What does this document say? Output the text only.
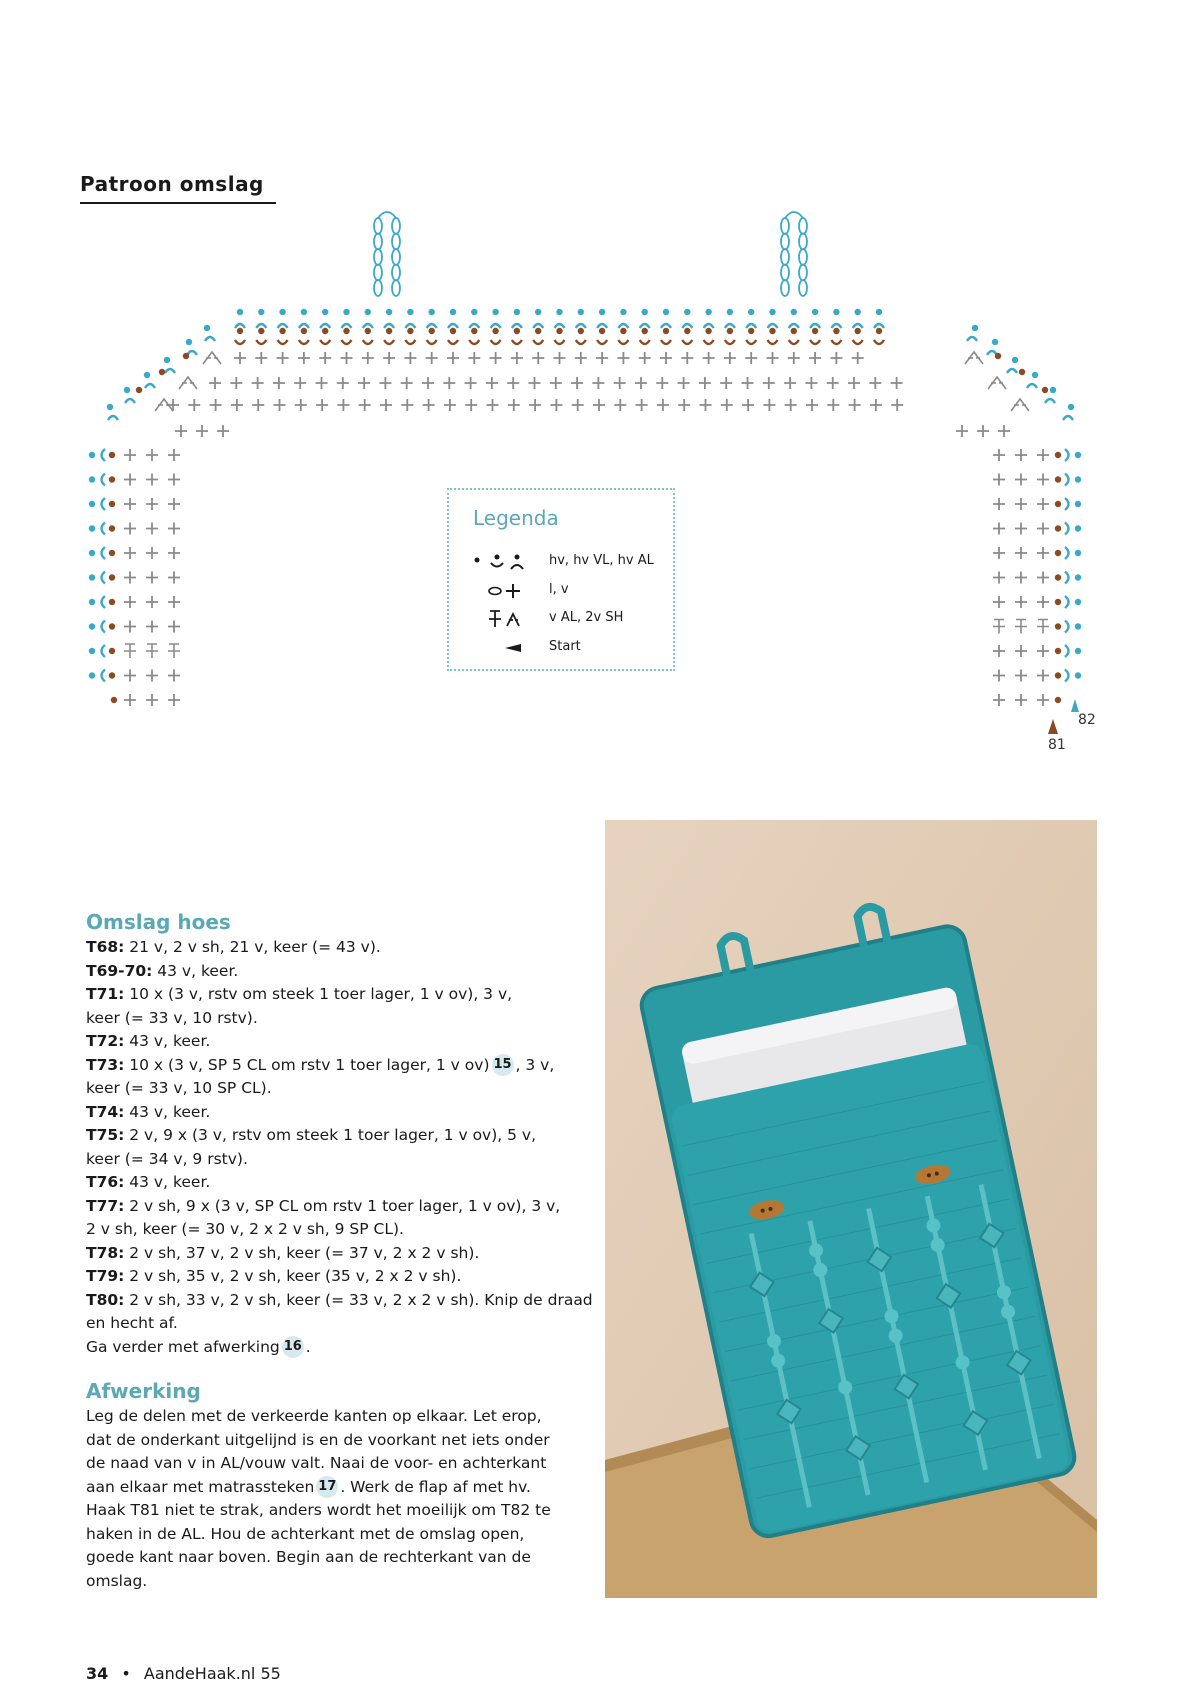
Patroon omslag
Legenda
hv, hv VL, hv AL
l, v
v AL, 2v SH
Start
82
81
Omslag hoes

T68: 21 v, 2 v sh, 21 v, keer (= 43 v).

T69-70: 43 v, keer.

T71: 10 x (3 v, rstv om steek 1 toer lager, 1 v ov), 3 v,

keer (= 33 v, 10 rstv).

T72: 43 v, keer.

T73: 10 x (3 v, SP 5 CL om rstv 1 toer lager, 1 v ov) 15 , 3 v,

keer (= 33 v, 10 SP CL).

T74: 43 v, keer.

T75: 2 v, 9 x (3 v, rstv om steek 1 toer lager, 1 v ov), 5 v,

keer (= 34 v, 9 rstv).

T76: 43 v, keer.

T77: 2 v sh, 9 x (3 v, SP CL om rstv 1 toer lager, 1 v ov), 3 v,

2 v sh, keer (= 30 v, 2 x 2 v sh, 9 SP CL).

T78: 2 v sh, 37 v, 2 v sh, keer (= 37 v, 2 x 2 v sh).

T79: 2 v sh, 35 v, 2 v sh, keer (35 v, 2 x 2 v sh).

T80: 2 v sh, 33 v, 2 v sh, keer (= 33 v, 2 x 2 v sh). Knip de draad

en hecht af.

Ga verder met afwerking 16 .

Afwerking

Leg de delen met de verkeerde kanten op elkaar. Let erop,

dat de onderkant uitgelijnd is en de voorkant net iets onder

de naad van v in AL/vouw valt. Naai de voor- en achterkant

aan elkaar met matrassteken 17 . Werk de flap af met hv.

Haak T81 niet te strak, anders wordt het moeilijk om T82 te

haken in de AL. Hou de achterkant met de omslag open,

goede kant naar boven. Begin aan de rechterkant van de

omslag.

34 • AandeHaak.nl 55
